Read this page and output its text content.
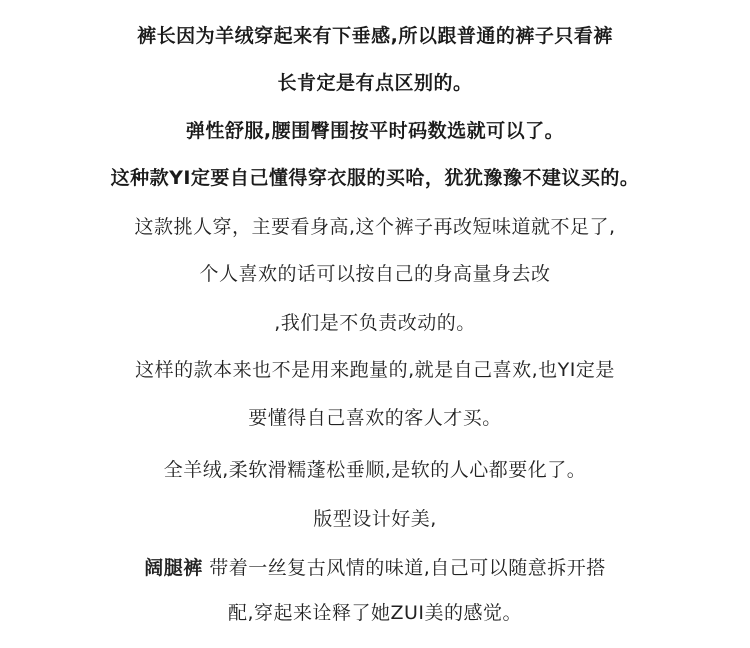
裤长因为羊绒穿起来有下垂感,所以跟普通的裤子只看裤
长肯定是有点区别的。
弹性舒服,腰围臀围按平时码数选就可以了。
这种款YI定要自己懂得穿衣服的买哈，犹犹豫豫不建议买的。
这款挑人穿，主要看身高,这个裤子再改短味道就不足了,
个人喜欢的话可以按自己的身高量身去改
,我们是不负责改动的。
这样的款本来也不是用来跑量的,就是自己喜欢,也YI定是
要懂得自己喜欢的客人才买。
全羊绒,柔软滑糯蓬松垂顺,是软的人心都要化了。
版型设计好美,
阔腿裤 带着一丝复古风情的味道,自己可以随意拆开搭
配,穿起来诠释了她ZUI美的感觉。
